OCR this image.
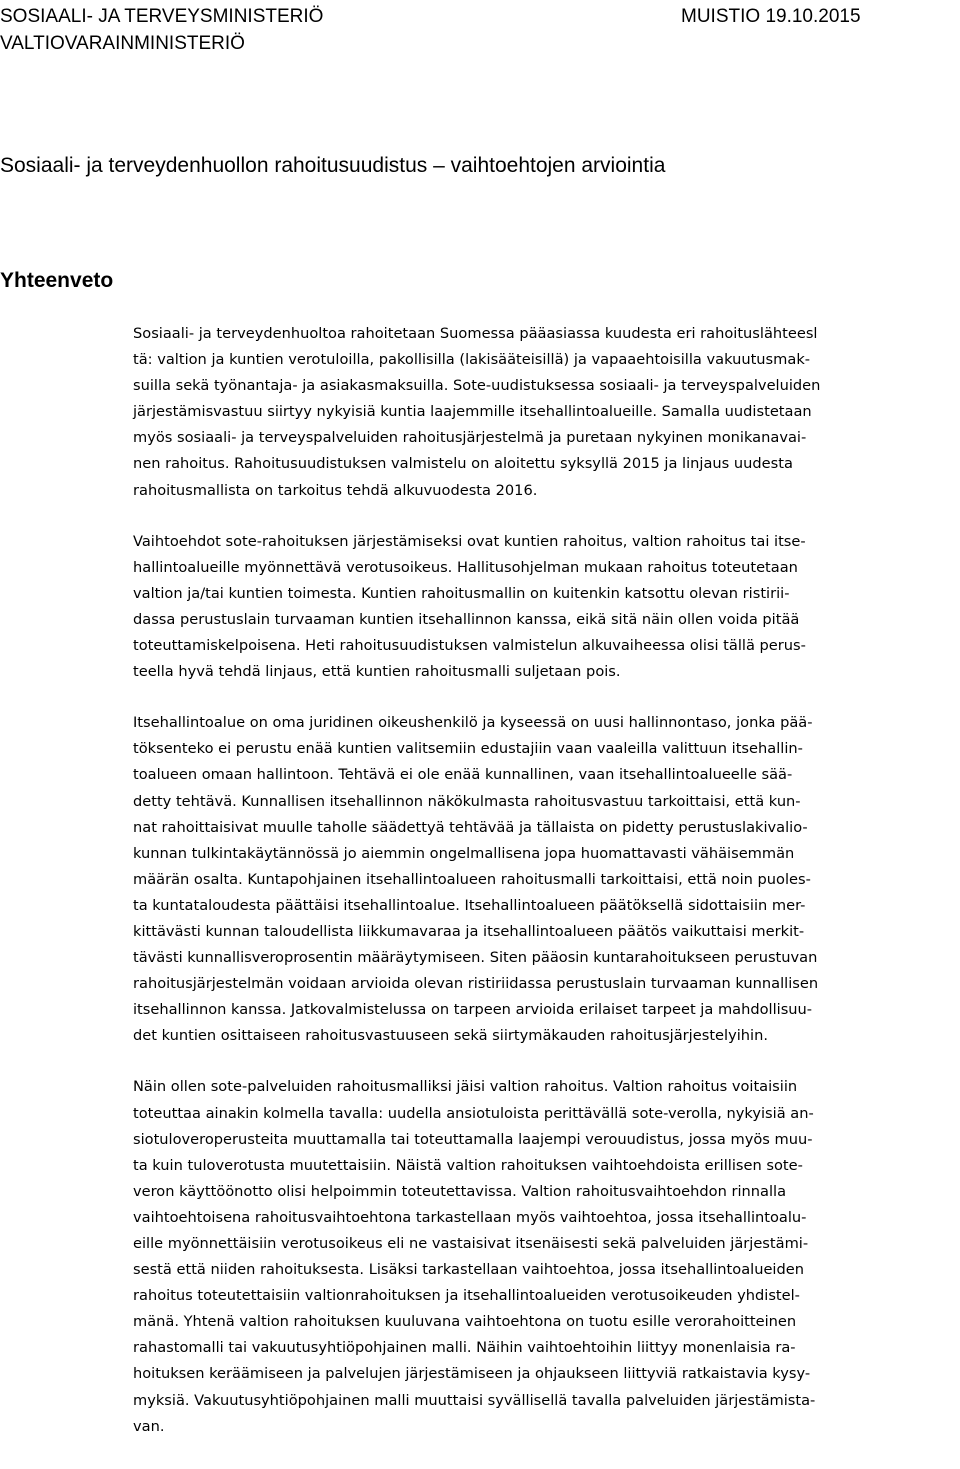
SOSIAALI- JA TERVEYSMINISTERIÖ
VALTIOVARAINMINISTERIÖ
MUISTIO 19.10.2015
Sosiaali- ja terveydenhuollon rahoitusuudistus – vaihtoehtojen arviointia
Yhteenveto

Sosiaali- ja terveydenhuoltoa rahoitetaan Suomessa pääasiassa kuudesta eri rahoituslähteesl
tä: valtion ja kuntien verotuloilla, pakollisilla (lakisääteisillä) ja vapaaehtoisilla vakuutusmak-
suilla sekä työnantaja- ja asiakasmaksuilla. Sote-uudistuksessa sosiaali- ja terveyspalveluiden
järjestämisvastuu siirtyy nykyisiä kuntia laajemmille itsehallintoalueille. Samalla uudistetaan
myös sosiaali- ja terveyspalveluiden rahoitusjärjestelmä ja puretaan nykyinen monikanavai-
nen rahoitus. Rahoitusuudistuksen valmistelu on aloitettu syksyllä 2015 ja linjaus uudesta
rahoitusmallista on tarkoitus tehdä alkuvuodesta 2016.

Vaihtoehdot sote-rahoituksen järjestämiseksi ovat kuntien rahoitus, valtion rahoitus tai itse-
hallintoalueille myönnettävä verotusoikeus. Hallitusohjelman mukaan rahoitus toteutetaan
valtion ja/tai kuntien toimesta. Kuntien rahoitusmallin on kuitenkin katsottu olevan ristirii-
dassa perustuslain turvaaman kuntien itsehallinnon kanssa, eikä sitä näin ollen voida pitää
toteuttamiskelpoisena. Heti rahoitusuudistuksen valmistelun alkuvaiheessa olisi tällä perus-
teella hyvä tehdä linjaus, että kuntien rahoitusmalli suljetaan pois.

Itsehallintoalue on oma juridinen oikeushenkilö ja kyseessä on uusi hallinnontaso, jonka pää-
töksenteko ei perustu enää kuntien valitsemiin edustajiin vaan vaaleilla valittuun itsehallin-
toalueen omaan hallintoon. Tehtävä ei ole enää kunnallinen, vaan itsehallintoalueelle sää-
detty tehtävä. Kunnallisen itsehallinnon näkökulmasta rahoitusvastuu tarkoittaisi, että kun-
nat rahoittaisivat muulle taholle säädettyä tehtävää ja tällaista on pidetty perustuslakivalio-
kunnan tulkintakäytännössä jo aiemmin ongelmallisena jopa huomattavasti vähäisemmän
määrän osalta. Kuntapohjainen itsehallintoalueen rahoitusmalli tarkoittaisi, että noin puoles-
ta kuntataloudesta päättäisi itsehallintoalue. Itsehallintoalueen päätöksellä sidottaisiin mer-
kittävästi kunnan taloudellista liikkumavaraa ja itsehallintoalueen päätös vaikuttaisi merkit-
tävästi kunnallisveroprosentin määräytymiseen. Siten pääosin kuntarahoitukseen perustuvan
rahoitusjärjestelmän voidaan arvioida olevan ristiriidassa perustuslain turvaaman kunnallisen
itsehallinnon kanssa. Jatkovalmistelussa on tarpeen arvioida erilaiset tarpeet ja mahdollisuu-
det kuntien osittaiseen rahoitusvastuuseen sekä siirtymäkauden rahoitusjärjestelyihin.

Näin ollen sote-palveluiden rahoitusmalliksi jäisi valtion rahoitus. Valtion rahoitus voitaisiin
toteuttaa ainakin kolmella tavalla: uudella ansiotuloista perittävällä sote-verolla, nykyisiä an-
siotuloveroperusteita muuttamalla tai toteuttamalla laajempi verouudistus, jossa myös muu-
ta kuin tuloverotusta muutettaisiin. Näistä valtion rahoituksen vaihtoehdoista erillisen sote-
veron käyttöönotto olisi helpoimmin toteutettavissa. Valtion rahoitusvaihtoehdon rinnalla
vaihtoehtoisena rahoitusvaihtoehtona tarkastellaan myös vaihtoehtoa, jossa itsehallintoalu-
eille myönnettäisiin verotusoikeus eli ne vastaisivat itsenäisesti sekä palveluiden järjestämi-
sestä että niiden rahoituksesta. Lisäksi tarkastellaan vaihtoehtoa, jossa itsehallintoalueiden
rahoitus toteutettaisiin valtionrahoituksen ja itsehallintoalueiden verotusoikeuden yhdistel-
mänä. Yhtenä valtion rahoituksen kuuluvana vaihtoehtona on tuotu esille verorahoitteinen
rahastomalli tai vakuutusyhtiöpohjainen malli. Näihin vaihtoehtoihin liittyy monenlaisia ra-
hoituksen keräämiseen ja palvelujen järjestämiseen ja ohjaukseen liittyviä ratkaistavia kysy-
myksiä. Vakuutusyhtiöpohjainen malli muuttaisi syvällisellä tavalla palveluiden järjestämista-
van.
